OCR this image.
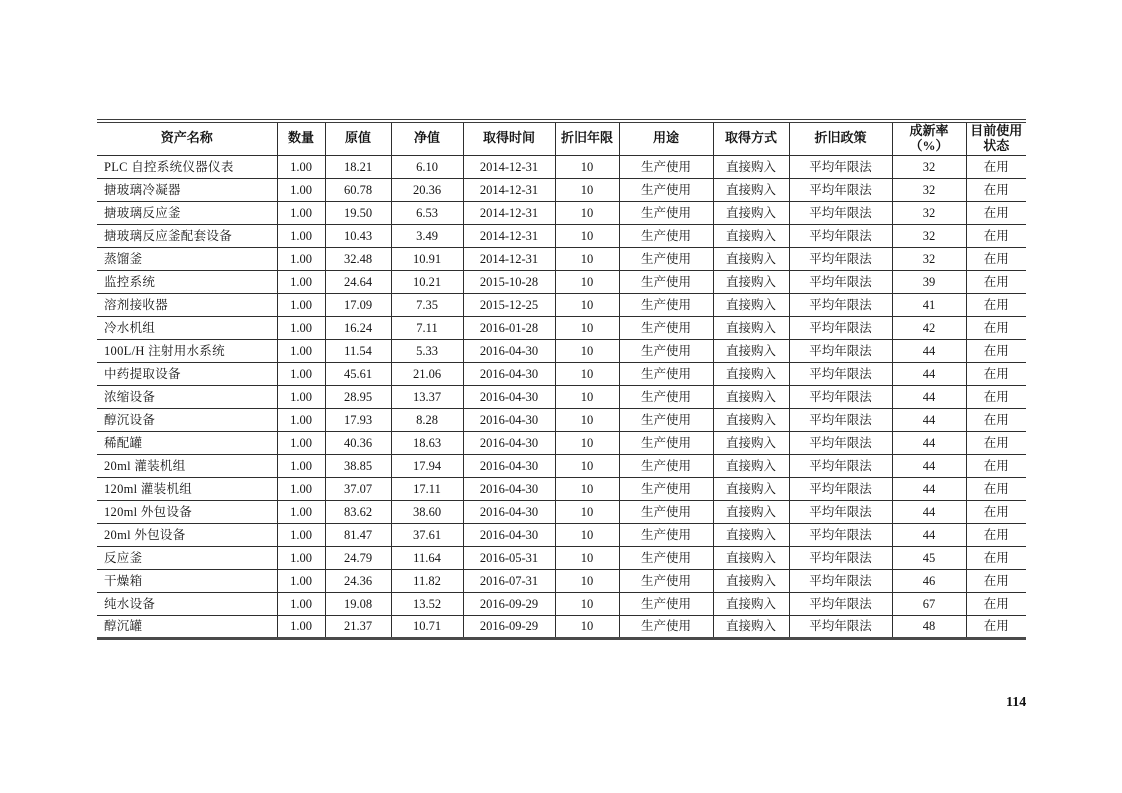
资产名称	数量	原值	净值	取得时间	折旧年限	用途	取得方式	折旧政策	成新率（%）	目前使用状态
PLC 自控系统仪器仪表	1.00	18.21	6.10	2014-12-31	10	生产使用	直接购入	平均年限法	32	在用
搪玻璃冷凝器	1.00	60.78	20.36	2014-12-31	10	生产使用	直接购入	平均年限法	32	在用
搪玻璃反应釜	1.00	19.50	6.53	2014-12-31	10	生产使用	直接购入	平均年限法	32	在用
搪玻璃反应釜配套设备	1.00	10.43	3.49	2014-12-31	10	生产使用	直接购入	平均年限法	32	在用
蒸馏釜	1.00	32.48	10.91	2014-12-31	10	生产使用	直接购入	平均年限法	32	在用
监控系统	1.00	24.64	10.21	2015-10-28	10	生产使用	直接购入	平均年限法	39	在用
溶剂接收器	1.00	17.09	7.35	2015-12-25	10	生产使用	直接购入	平均年限法	41	在用
冷水机组	1.00	16.24	7.11	2016-01-28	10	生产使用	直接购入	平均年限法	42	在用
100L/H 注射用水系统	1.00	11.54	5.33	2016-04-30	10	生产使用	直接购入	平均年限法	44	在用
中药提取设备	1.00	45.61	21.06	2016-04-30	10	生产使用	直接购入	平均年限法	44	在用
浓缩设备	1.00	28.95	13.37	2016-04-30	10	生产使用	直接购入	平均年限法	44	在用
醇沉设备	1.00	17.93	8.28	2016-04-30	10	生产使用	直接购入	平均年限法	44	在用
稀配罐	1.00	40.36	18.63	2016-04-30	10	生产使用	直接购入	平均年限法	44	在用
20ml 灌装机组	1.00	38.85	17.94	2016-04-30	10	生产使用	直接购入	平均年限法	44	在用
120ml 灌装机组	1.00	37.07	17.11	2016-04-30	10	生产使用	直接购入	平均年限法	44	在用
120ml 外包设备	1.00	83.62	38.60	2016-04-30	10	生产使用	直接购入	平均年限法	44	在用
20ml 外包设备	1.00	81.47	37.61	2016-04-30	10	生产使用	直接购入	平均年限法	44	在用
反应釜	1.00	24.79	11.64	2016-05-31	10	生产使用	直接购入	平均年限法	45	在用
干燥箱	1.00	24.36	11.82	2016-07-31	10	生产使用	直接购入	平均年限法	46	在用
纯水设备	1.00	19.08	13.52	2016-09-29	10	生产使用	直接购入	平均年限法	67	在用
醇沉罐	1.00	21.37	10.71	2016-09-29	10	生产使用	直接购入	平均年限法	48	在用
114
